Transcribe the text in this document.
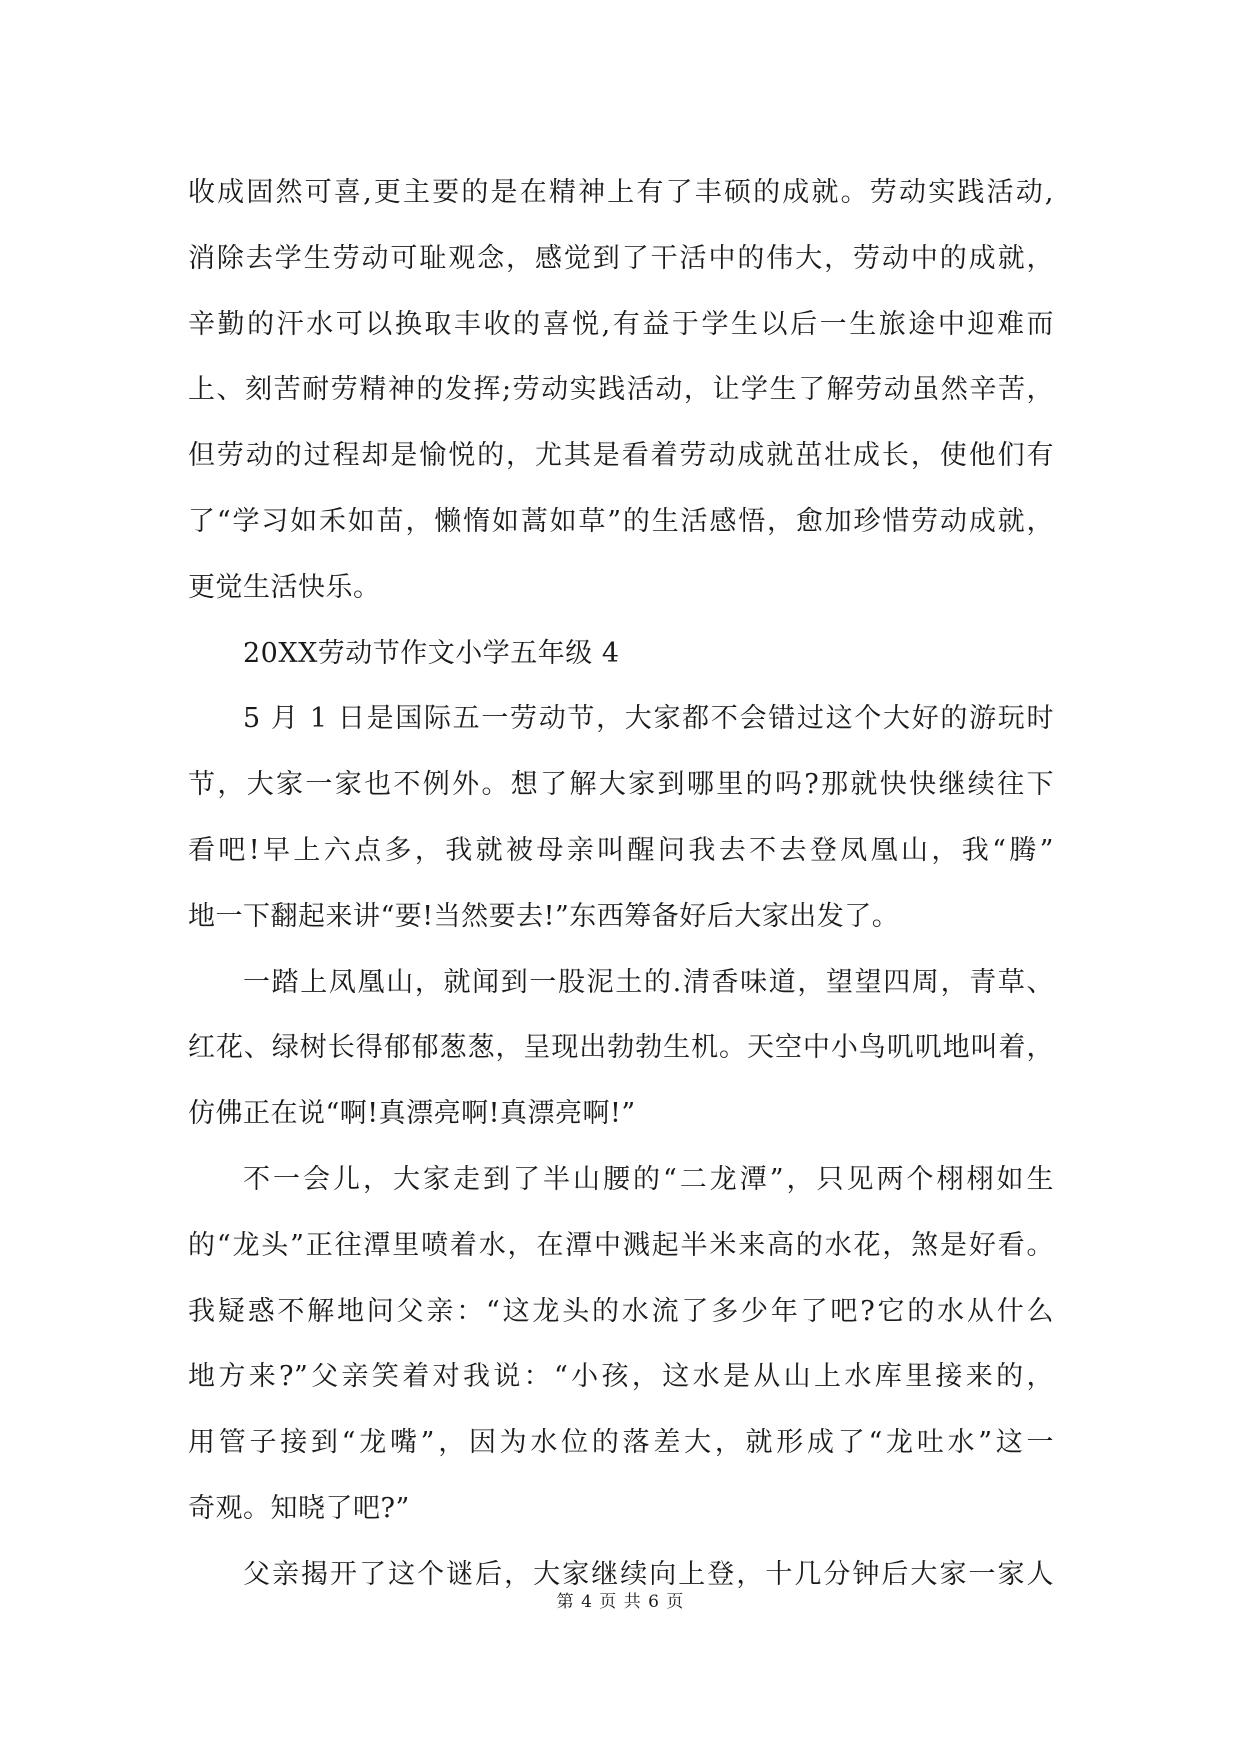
收成固然可喜,更主要的是在精神上有了丰硕的成就。劳动实践活动,
消除去学生劳动可耻观念，感觉到了干活中的伟大，劳动中的成就，
辛勤的汗水可以换取丰收的喜悦,有益于学生以后一生旅途中迎难而
上、刻苦耐劳精神的发挥;劳动实践活动，让学生了解劳动虽然辛苦，
但劳动的过程却是愉悦的，尤其是看着劳动成就茁壮成长，使他们有
了“学习如禾如苗，懒惰如蒿如草”的生活感悟，愈加珍惜劳动成就，
更觉生活快乐。
20XX劳动节作文小学五年级 4
5 月 1 日是国际五一劳动节，大家都不会错过这个大好的游玩时
节，大家一家也不例外。想了解大家到哪里的吗?那就快快继续往下
看吧!早上六点多，我就被母亲叫醒问我去不去登凤凰山，我“腾”
地一下翻起来讲“要!当然要去!”东西筹备好后大家出发了。
一踏上凤凰山，就闻到一股泥土的.清香味道，望望四周，青草、
红花、绿树长得郁郁葱葱，呈现出勃勃生机。天空中小鸟叽叽地叫着，
仿佛正在说“啊!真漂亮啊!真漂亮啊!”
不一会儿，大家走到了半山腰的“二龙潭”，只见两个栩栩如生
的“龙头”正往潭里喷着水，在潭中溅起半米来高的水花，煞是好看。
我疑惑不解地问父亲：“这龙头的水流了多少年了吧?它的水从什么
地方来?”父亲笑着对我说：“小孩，这水是从山上水库里接来的，
用管子接到“龙嘴”，因为水位的落差大，就形成了“龙吐水”这一
奇观。知晓了吧?”
父亲揭开了这个谜后，大家继续向上登，十几分钟后大家一家人
第 4 页 共 6 页
